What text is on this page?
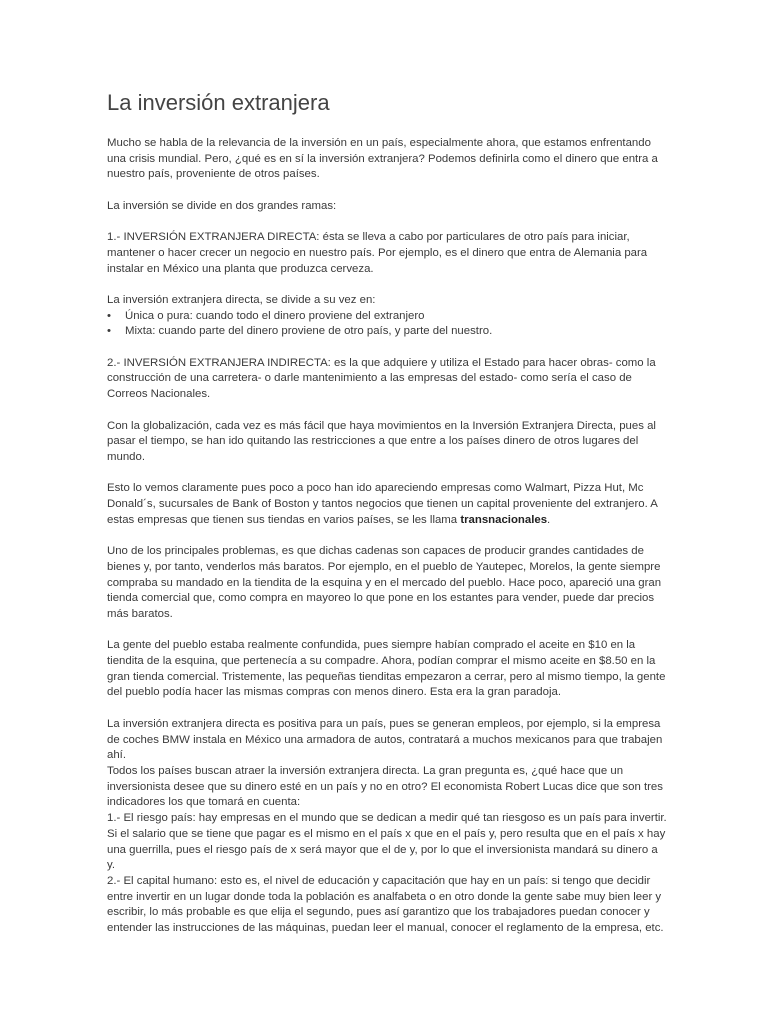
La inversión extranjera

Mucho se habla de la relevancia de la inversión en un país, especialmente ahora, que estamos enfrentando una crisis mundial. Pero, ¿qué es en sí la inversión extranjera? Podemos definirla como el dinero que entra a nuestro país, proveniente de otros países.

La inversión se divide en dos grandes ramas:

1.- INVERSIÓN EXTRANJERA DIRECTA: ésta se lleva a cabo por particulares de otro país para iniciar, mantener o hacer crecer un negocio en nuestro país. Por ejemplo, es el dinero que entra de Alemania para instalar en México una planta que produzca cerveza.

La inversión extranjera directa, se divide a su vez en:

• Única o pura: cuando todo el dinero proviene del extranjero
• Mixta: cuando parte del dinero proviene de otro país, y parte del nuestro.

2.- INVERSIÓN EXTRANJERA INDIRECTA: es la que adquiere y utiliza el Estado para hacer obras- como la construcción de una carretera- o darle mantenimiento a las empresas del estado- como sería el caso de Correos Nacionales.

Con la globalización, cada vez es más fácil que haya movimientos en la Inversión Extranjera Directa, pues al pasar el tiempo, se han ido quitando las restricciones a que entre a los países dinero de otros lugares del mundo.

Esto lo vemos claramente pues poco a poco han ido apareciendo empresas como Walmart, Pizza Hut, Mc Donald´s, sucursales de Bank of Boston y tantos negocios que tienen un capital proveniente del extranjero. A estas empresas que tienen sus tiendas en varios países, se les llama transnacionales.

Uno de los principales problemas, es que dichas cadenas son capaces de producir grandes cantidades de bienes y, por tanto, venderlos más baratos. Por ejemplo, en el pueblo de Yautepec, Morelos, la gente siempre compraba su mandado en la tiendita de la esquina y en el mercado del pueblo. Hace poco, apareció una gran tienda comercial que, como compra en mayoreo lo que pone en los estantes para vender, puede dar precios más baratos.

La gente del pueblo estaba realmente confundida, pues siempre habían comprado el aceite en $10 en la tiendita de la esquina, que pertenecía a su compadre. Ahora, podían comprar el mismo aceite en $8.50 en la gran tienda comercial. Tristemente, las pequeñas tienditas empezaron a cerrar, pero al mismo tiempo, la gente del pueblo podía hacer las mismas compras con menos dinero. Esta era la gran paradoja.

La inversión extranjera directa es positiva para un país, pues se generan empleos, por ejemplo, si la empresa de coches BMW instala en México una armadora de autos, contratará a muchos mexicanos para que trabajen ahí.

Todos los países buscan atraer la inversión extranjera directa. La gran pregunta es, ¿qué hace que un inversionista desee que su dinero esté en un país y no en otro? El economista Robert Lucas dice que son tres indicadores los que tomará en cuenta:

1.- El riesgo país: hay empresas en el mundo que se dedican a medir qué tan riesgoso es un país para invertir. Si el salario que se tiene que pagar es el mismo en el país x que en el país y, pero resulta que en el país x hay una guerrilla, pues el riesgo país de x será mayor que el de y, por lo que el inversionista mandará su dinero a y.

2.- El capital humano: esto es, el nivel de educación y capacitación que hay en un país: si tengo que decidir entre invertir en un lugar donde toda la población es analfabeta o en otro donde la gente sabe muy bien leer y escribir, lo más probable es que elija el segundo, pues así garantizo que los trabajadores puedan conocer y entender las instrucciones de las máquinas, puedan leer el manual, conocer el reglamento de la empresa, etc.
